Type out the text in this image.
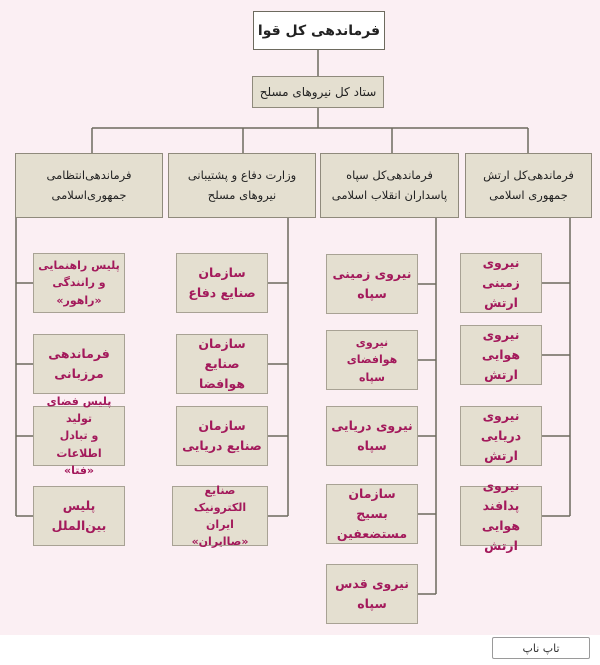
فرماندهی کل قوا
ستاد کل نیروهای مسلح
فرماندهی‌کل ارتش
جمهوری اسلامی
فرماندهی‌کل سپاه
پاسداران انقلاب اسلامی
وزارت دفاع و پشتیبانی
نیروهای مسلح
فرماندهی‌انتظامی
جمهوری‌اسلامی
نیروی زمینی
ارتش
نیروی هوایی
ارتش
نیروی دریایی
ارتش
نیروی پدافند
هوایی ارتش
نیروی زمینی
سپاه
نیروی هوافضای
سپاه
نیروی دریایی
سپاه
سازمان بسیج
مستضعفین
نیروی قدس
سپاه
سازمان
صنایع دفاع
سازمان
صنایع هوافضا
سازمان
صنایع دریایی
صنایع الکترونیک
ایران «صاایران»
پلیس راهنمایی
و رانندگی «راهور»
فرماندهی
مرزبانی
پلیس فضای تولید
و تبادل اطلاعات
«فتا»
پلیس
بین‌الملل
تاپ ناپ
